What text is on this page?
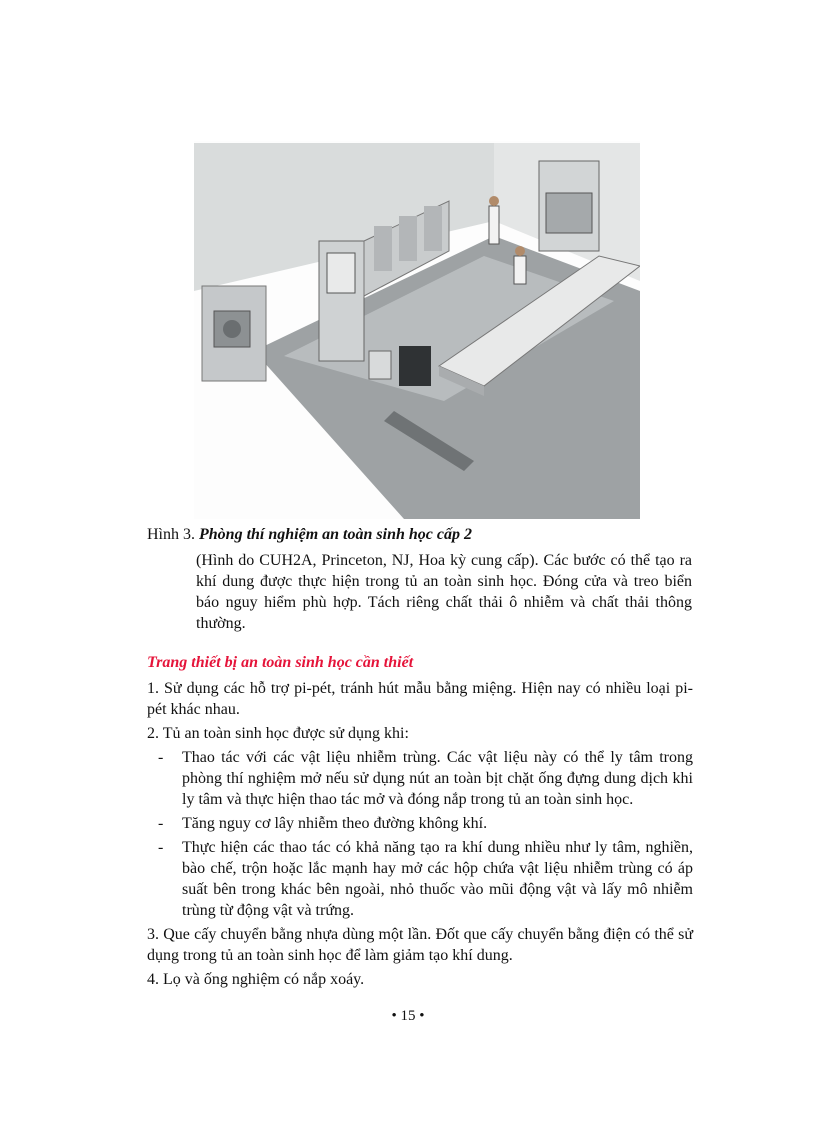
Hình 3. Phòng thí nghiệm an toàn sinh học cấp 2

(Hình do CUH2A, Princeton, NJ, Hoa kỳ cung cấp). Các bước có thể tạo ra khí dung được thực hiện trong tủ an toàn sinh học. Đóng cửa và treo biển báo nguy hiểm phù hợp. Tách riêng chất thải ô nhiễm và chất thải thông thường.

Trang thiết bị an toàn sinh học cần thiết

1. Sử dụng các hỗ trợ pi-pét, tránh hút mẫu bằng miệng. Hiện nay có nhiều loại pi-pét khác nhau.

2. Tủ an toàn sinh học được sử dụng khi:

- Thao tác với các vật liệu nhiễm trùng. Các vật liệu này có thể ly tâm trong phòng thí nghiệm mở nếu sử dụng nút an toàn bịt chặt ống đựng dung dịch khi ly tâm và thực hiện thao tác mở và đóng nắp trong tủ an toàn sinh học.
- Tăng nguy cơ lây nhiễm theo đường không khí.
- Thực hiện các thao tác có khả năng tạo ra khí dung nhiều như ly tâm, nghiền, bào chế, trộn hoặc lắc mạnh hay mở các hộp chứa vật liệu nhiễm trùng có áp suất bên trong khác bên ngoài, nhỏ thuốc vào mũi động vật và lấy mô nhiễm trùng từ động vật và trứng.

3. Que cấy chuyển bằng nhựa dùng một lần. Đốt que cấy chuyển bằng điện có thể sử dụng trong tủ an toàn sinh học để làm giảm tạo khí dung.

4. Lọ và ống nghiệm có nắp xoáy.

• 15 •
